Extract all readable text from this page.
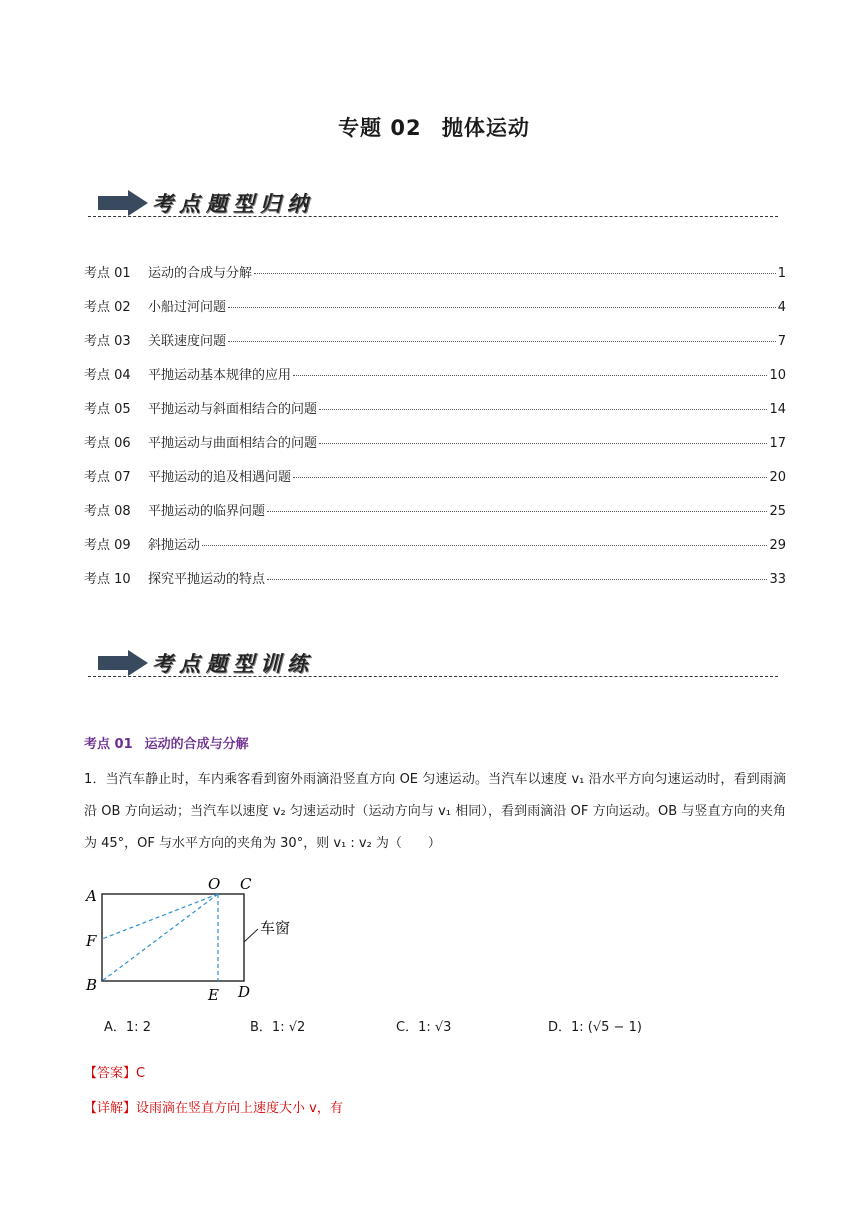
专题 02 抛体运动
考点题型归纳
考点 01	运动的合成与分解	1
考点 02	小船过河问题	4
考点 03	关联速度问题	7
考点 04	平抛运动基本规律的应用	10
考点 05	平抛运动与斜面相结合的问题	14
考点 06	平抛运动与曲面相结合的问题	17
考点 07	平抛运动的追及相遇问题	20
考点 08	平抛运动的临界问题	25
考点 09	斜抛运动	29
考点 10	探究平抛运动的特点	33
考点题型训练
考点 01 运动的合成与分解
1．当汽车静止时，车内乘客看到窗外雨滴沿竖直方向 OE 匀速运动。当汽车以速度 v₁ 沿水平方向匀速运动时，看到雨滴沿 OB 方向运动；当汽车以速度 v₂ 匀速运动时（运动方向与 v₁ 相同），看到雨滴沿 OF 方向运动。OB 与竖直方向的夹角为 45°，OF 与水平方向的夹角为 30°，则 v₁ : v₂ 为（　　）
A
O C
F
B
E D
车窗
A．1: 2	B．1: √2	C．1: √3	D．1: (√5 − 1)
【答案】C
【详解】设雨滴在竖直方向上速度大小 v，有
